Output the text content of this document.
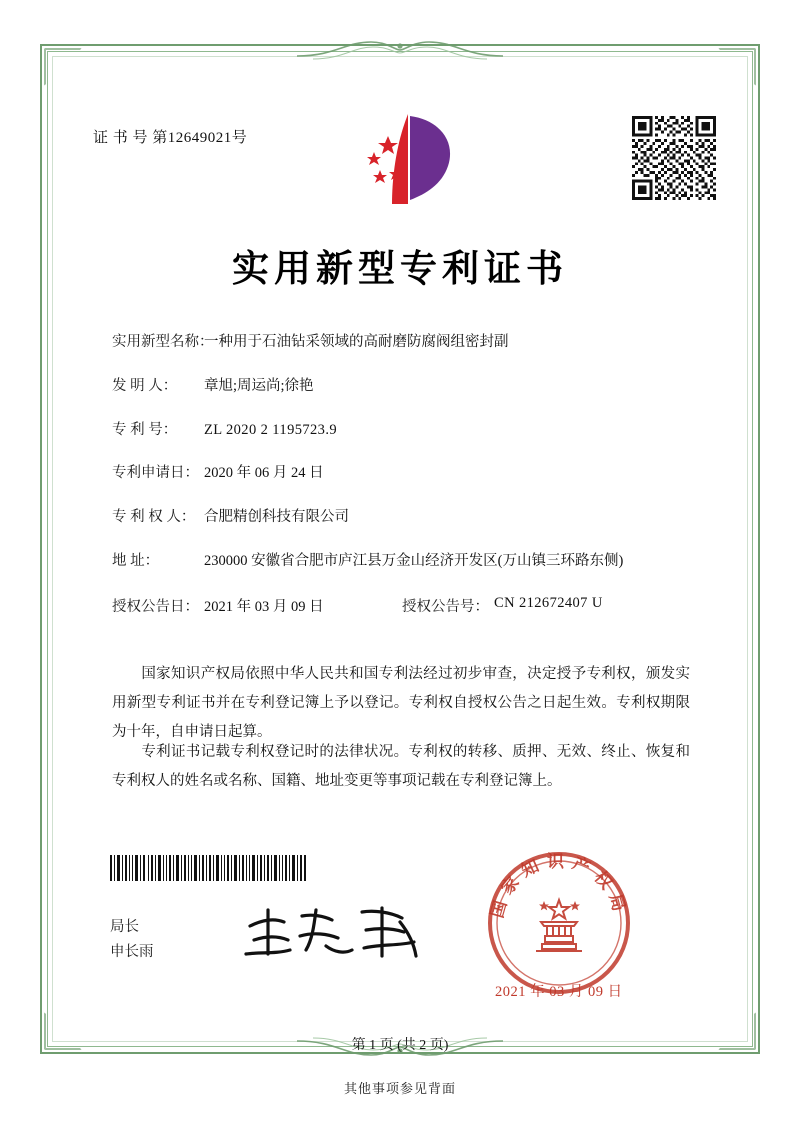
证 书 号 第12649021号
实用新型专利证书
实用新型名称：
一种用于石油钻采领域的高耐磨防腐阀组密封副
发 明 人：	章旭;周运尚;徐艳
专 利 号：	ZL 2020 2 1195723.9
专利申请日： 2020 年 06 月 24 日
专 利 权 人： 合肥精创科技有限公司
地 址：	230000 安徽省合肥市庐江县万金山经济开发区(万山镇三环路东侧)
授权公告日： 2021 年 03 月 09 日	授权公告号： CN 212672407 U
国家知识产权局依照中华人民共和国专利法经过初步审查，决定授予专利权，颁发实用新型专利证书并在专利登记簿上予以登记。专利权自授权公告之日起生效。专利权期限为十年，自申请日起算。
专利证书记载专利权登记时的法律状况。专利权的转移、质押、无效、终止、恢复和专利权人的姓名或名称、国籍、地址变更等事项记载在专利登记簿上。
局长
申长雨
国家知识产权局
2021 年 03 月 09 日
第 1 页 (共 2 页)
其他事项参见背面
